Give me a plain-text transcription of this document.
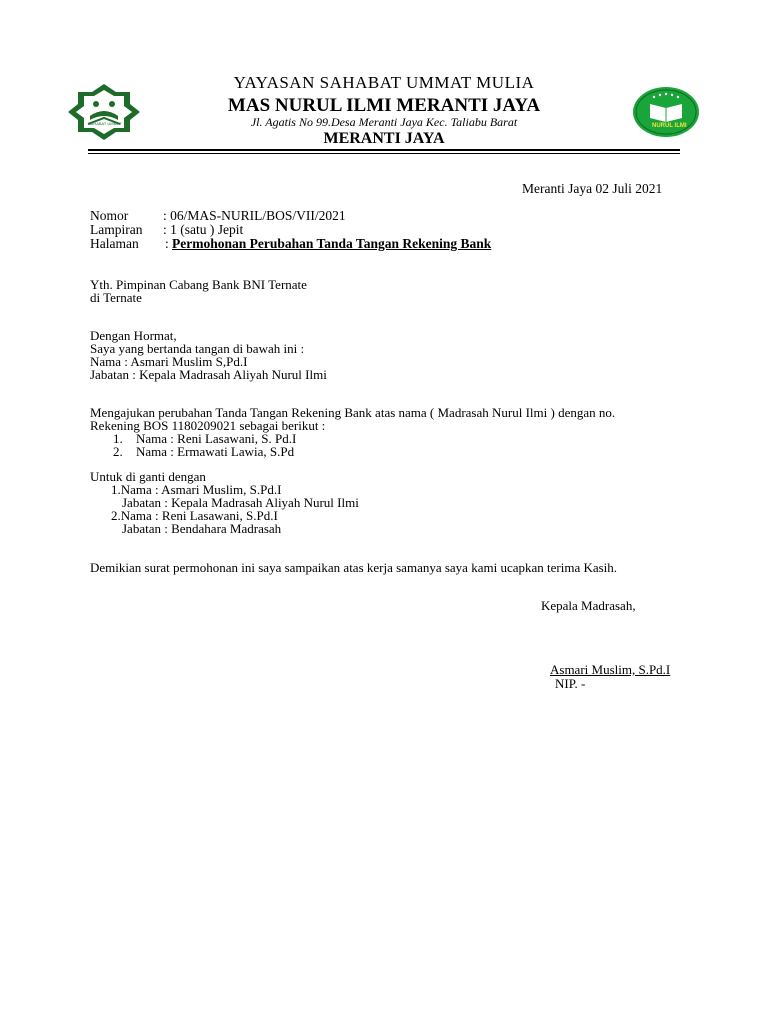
SAHABAT UMMAT	NURUL ILMI
YAYASAN SAHABAT UMMAT MULIA
MAS NURUL ILMI MERANTI JAYA
Jl. Agatis No 99.Desa Meranti Jaya Kec. Taliabu Barat
MERANTI JAYA
Meranti Jaya 02 Juli 2021
Nomor	: 06/MAS-NURIL/BOS/VII/2021
Lampiran : 1 (satu ) Jepit
Halaman : Permohonan Perubahan Tanda Tangan Rekening Bank
Yth. Pimpinan Cabang Bank BNI Ternate
di Ternate
Dengan Hormat,
Saya yang bertanda tangan di bawah ini :
Nama : Asmari Muslim S,Pd.I
Jabatan : Kepala Madrasah Aliyah Nurul Ilmi
Mengajukan perubahan Tanda Tangan Rekening Bank atas nama ( Madrasah Nurul Ilmi ) dengan no.
Rekening BOS 1180209021 sebagai berikut :
1. Nama : Reni Lasawani, S. Pd.I
2. Nama : Ermawati Lawia, S.Pd
Untuk di ganti dengan
1.Nama : Asmari Muslim, S.Pd.I
Jabatan : Kepala Madrasah Aliyah Nurul Ilmi
2.Nama : Reni Lasawani, S.Pd.I
Jabatan : Bendahara Madrasah
Demikian surat permohonan ini saya sampaikan atas kerja samanya saya kami ucapkan terima Kasih.
Kepala Madrasah,
Asmari Muslim, S.Pd.I
NIP. -
